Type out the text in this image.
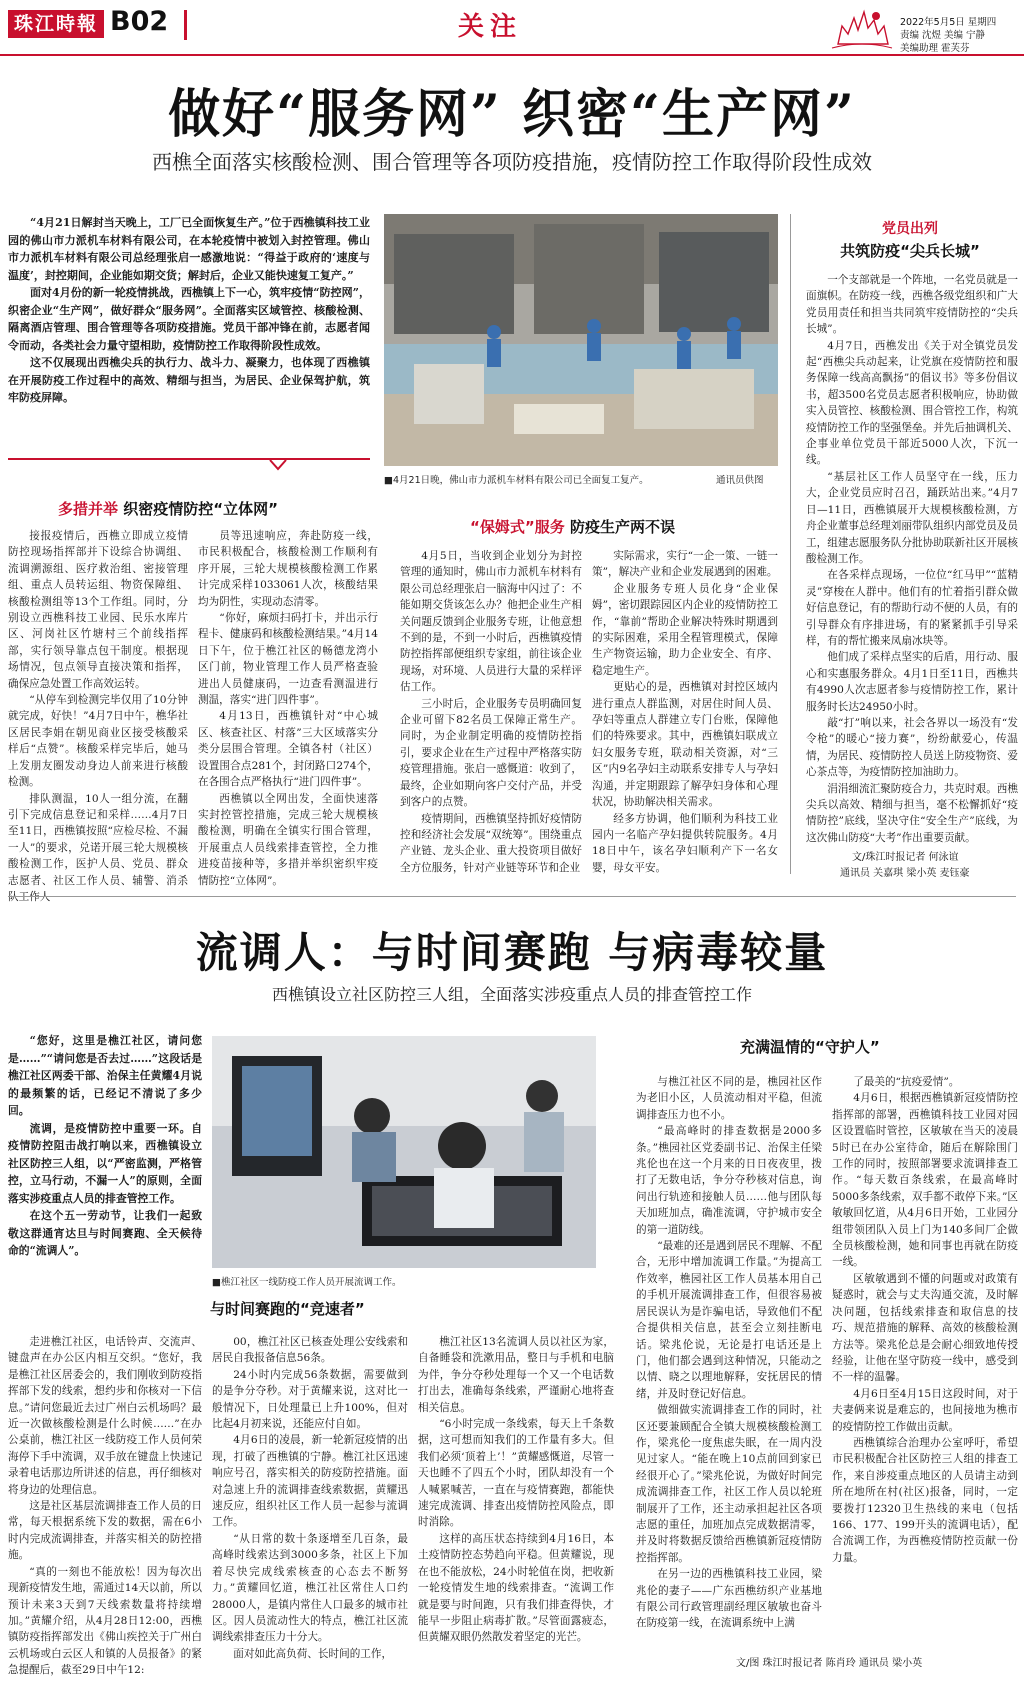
珠江時報 B02	关注	2022年5月5日 星期四
责编 沈煜 美编 宁静
美编助理 霍芙芬
做好“服务网” 织密“生产网”
西樵全面落实核酸检测、围合管理等各项防疫措施，疫情防控工作取得阶段性成效

“4月21日解封当天晚上，工厂已全面恢复生产。”位于西樵镇科技工业园的佛山市力派机车材料有限公司，在本轮疫情中被划入封控管理。佛山市力派机车材料有限公司总经理张启一感激地说：“得益于政府的‘速度与温度’，封控期间，企业能如期交货；解封后，企业又能快速复工复产。”

面对4月份的新一轮疫情挑战，西樵镇上下一心，筑牢疫情“防控网”，织密企业“生产网”，做好群众“服务网”。全面落实区域管控、核酸检测、隔离酒店管理、围合管理等各项防疫措施。党员干部冲锋在前，志愿者闻令而动，各类社会力量守望相助，疫情防控工作取得阶段性成效。

这不仅展现出西樵尖兵的执行力、战斗力、凝聚力，也体现了西樵镇在开展防疫工作过程中的高效、精细与担当，为居民、企业保驾护航，筑牢防疫屏障。

■4月21日晚，佛山市力派机车材料有限公司已全面复工复产。	通讯员供图
多措并举 织密疫情防控“立体网”

接报疫情后，西樵立即成立疫情防控现场指挥部并下设综合协调组、流调溯源组、医疗救治组、密接管理组、重点人员转运组、物资保障组、核酸检测组等13个工作组。同时，分别设立西樵科技工业园、民乐水库片区、河岗社区竹塘村三个前线指挥部，实行领导靠点包干制度。根据现场情况，包点领导直接决策和指挥，确保应急处置工作高效运转。

“从停车到检测完毕仅用了10分钟就完成，好快！”4月7日中午，樵华社区居民李娟在朝见商业区接受核酸采样后“点赞”。核酸采样完毕后，她马上发朋友圈发动身边人前来进行核酸检测。

排队测温，10人一组分流，在翻引下完成信息登记和采样……4月7日至11日，西樵镇按照“应检尽检、不漏一人”的要求，兑诺开展三轮大规模核酸检测工作，医护人员、党员、群众志愿者、社区工作人员、辅警、消杀

员等迅速响应，奔赴防疫一线，市民积极配合，核酸检测工作顺利有序开展，三轮大规模核酸检测工作累计完成采样1033061人次，核酸结果均为阴性，实现动态清零。

“你好，麻烦扫码打卡，并出示行程卡、健康码和核酸检测结果。”4月14日下午，位于樵江社区的畅德龙湾小区门前，物业管理工作人员严格查验进出人员健康码，一边查看测温进行测温，落实“进门四件事”。

4月13日，西樵镇针对“中心城区、核查社区、村落”三大区域落实分类分层围合管理。全镇各村（社区）设置围合点281个，封闭路口274个，在各围合点严格执行“进门四件事”。

西樵镇以全网出发，全面快速落实封控管控措施，完成三轮大规模核酸检测，明确在全镇实行围合管理，开展重点人员线索排查管控，全力推进疫苗接种等，多措并举织密织牢疫情防控“立体网”。

“保姆式”服务 防疫生产两不误

4月5日，当收到企业划分为封控管理的通知时，佛山市力派机车材料有限公司总经理张启一脑海中闪过了：不能如期交货该怎么办？他把企业生产相关问题反馈到企业服务专班，让他意想不到的是，不到一小时后，西樵镇疫情防控指挥部便组织专家组，前往该企业现场，对环境、人员进行大量的采样评估工作。

三小时后，企业服务专员明确回复企业可留下82名员工保障正常生产。同时，为企业制定明确的疫情防控指引，要求企业在生产过程中严格落实防疫管理措施。张启一感慨道：收到了，最终，企业如期向客户交付产品，并受到客户的点赞。

疫情期间，西樵镇坚持抓好疫情防控和经济社会发展“双统筹”。围绕重点产业链、龙头企业、重大投资项目做好全方位服务，针对产业链等环节和企业

实际需求，实行“一企一策、一链一策”，解决产业和企业发展遇到的困难。

企业服务专班人员化身“企业保姆”，密切跟踪园区内企业的疫情防控工作，“靠前”帮助企业解决特殊时期遇到的实际困难，采用全程管理模式，保障生产物资运输，助力企业安全、有序、稳定地生产。

更贴心的是，西樵镇对封控区域内进行重点人群监测，对居住时间人员、孕妇等重点人群建立专门台账，保障他们的特殊要求。其中，西樵镇妇联成立妇女服务专班，联动相关资源，对“三区”内9名孕妇主动联系安排专人与孕妇沟通，并定期跟踪了解孕妇身体和心理状况，协助解决相关需求。

经多方协调，他们顺利为科技工业园内一名临产孕妇提供转院服务。4月18日中午，该名孕妇顺利产下一名女婴，母女平安。

党员出列
共筑防疫“尖兵长城”

一个支部就是一个阵地，一名党员就是一面旗帜。在防疫一线，西樵各级党组织和广大党员用责任和担当共同筑牢疫情防控的“尖兵长城”。

4月7日，西樵发出《关于对全镇党员发起“西樵尖兵动起来，让党旗在疫情防控和服务保障一线高高飘扬”的倡议书》等多份倡议书，超3500名党员志愿者积极响应，协助做实入员管控、核酸检测、围合管控工作，构筑疫情防控工作的坚强堡垒。并先后抽调机关、企事业单位党员干部近5000人次，下沉一线。

“基层社区工作人员坚守在一线，压力大，企业党员应时召召，踊跃站出来。”4月7日—11日，西樵镇展开大规模核酸检测，方舟企业董事总经理刘丽带队组织内部党员及员工，组建志愿服务队分批协助联新社区开展核酸检测工作。

在各采样点现场，一位位“红马甲”“蓝精灵”穿梭在人群中。他们有的忙着指引群众做好信息登记，有的帮助行动不便的人员，有的引导群众有序排进场，有的紧紧抓手引导采样，有的帮忙搬来凤扇冰块等。

他们成了采样点坚实的后盾，用行动、服心和实惠服务群众。4月1日至11日，西樵共有4990人次志愿者参与疫情防控工作，累计服务时长达24950小时。

敲“打”响以来，社会各界以一场没有“发令枪”的暖心“接力赛”，纷纷献爱心，传温情，为居民、疫情防控人员送上防疫物资、爱心茶点等，为疫情防控加油助力。

涓涓细流汇聚防疫合力，共克时艰。西樵尖兵以高效、精细与担当，毫不松懈抓好“疫情防控”底线，坚决守住“安全生产”底线，为这次佛山防疫“大考”作出重要贡献。

文/珠江时报记者 何泳谊
通讯员 关嘉琪 梁小英 麦钰豪
流调人：与时间赛跑 与病毒较量
西樵镇设立社区防控三人组，全面落实涉疫重点人员的排查管控工作

“您好，这里是樵江社区，请问您是……”“请问您是否去过……”这段话是樵江社区两委干部、治保主任黄耀4月说的最频繁的话，已经记不清说了多少回。

流调，是疫情防控中重要一环。自疫情防控阻击战打响以来，西樵镇设立社区防控三人组，以“严密监测，严格管控，立马行动，不漏一人”的原则，全面落实涉疫重点人员的排查管控工作。

在这个五一劳动节，让我们一起致敬这群通宵达旦与时间赛跑、全天候待命的“流调人”。

■樵江社区一线防疫工作人员开展流调工作。
充满温情的“守护人”

与樵江社区不同的是，樵园社区作为老旧小区，人员流动相对平稳，但流调排查压力也不小。

“最高峰时的排查数据是2000多条。”樵园社区党委副书记、治保主任梁兆伦也在这一个月来的日日夜夜里，拨打了无数电话，争分夺秒核对信息，询问出行轨迹和接触人员……他与团队每天加班加点，确准流调，守护城市安全的第一道防线。

“最难的还是遇到居民不理解、不配合，无形中增加流调工作量。”为提高工作效率，樵园社区工作人员基本用自己的手机开展流调排查工作，但很容易被居民误认为是诈骗电话，导致他们不配合提供相关信息，甚至会立刻挂断电话。梁兆伦说，无论是打电话还是上门，他们都会遇到这种情况，只能动之以情、晓之以理地解释，安抚居民的情绪，并及时登记好信息。

做细做实流调排查工作的同时，社区还要兼顾配合全镇大规模核酸检测工作，梁兆伦一度焦虑失眠，在一周内没见过家人。“能在晚上10点前回到家已经很开心了。”梁兆伦说，为做好时间完成流调排查工作，社区工作人员以轮班制展开了工作，还主动承担起社区各项志愿的重任，加班加点完成数据清零，并及时将数据反馈给西樵镇新冠疫情防控指挥部。

在另一边的西樵镇科技工业园，梁兆伦的妻子——广东西樵纺织产业基地有限公司行政管理副经理区敏敏也奋斗在防疫第一线，在流调系统中上满

了最美的“抗疫爱情”。

4月6日，根据西樵镇新冠疫情防控指挥部的部署，西樵镇科技工业园对园区设置临时管控，区敏敏在当天的凌晨5时已在办公室待命，随后在解除围门工作的同时，按照部署要求流调排查工作。“每天数百条线索，在最高峰时5000多条线索，双手都不敢停下来。”区敏敏回忆道，从4月6日开始，工业园分组带领团队入员上门为140多间厂企做全员核酸检测，她和同事也再就在防疫一线。

区敏敏遇到不懂的问题或对政策有疑惑时，就会与丈夫沟通交流，及时解决问题，包括线索排查和取信息的技巧、规范措施的解释、高效的核酸检测方法等。梁兆伦总是会耐心细致地传授经验，让他在坚守防疫一线中，感受到不一样的温馨。

4月6日至4月15日这段时间，对于夫妻俩来说是难忘的，也间接地为樵市的疫情防控工作做出贡献。

西樵镇综合治理办公室呼吁，希望市民积极配合社区防控三人组的排查工作，来自涉疫重点地区的人员请主动到所在地所在村(社区)报备，同时，一定要拨打12320卫生热线的来电（包括166、177、199开头的流调电话），配合流调工作，为西樵疫情防控贡献一份力量。

与时间赛跑的“竞速者”

走进樵江社区，电话铃声、交流声、键盘声在办公区内相互交织。“您好，我是樵江社区居委会的，我们刚收到防疫指挥部下发的线索，想约步和你核对一下信息。”请问您最近去过广州白云机场吗？最近一次做核酸检测是什么时候……”在办公桌前，樵江社区一线防疫工作人员何荣海停下手中流调，双手放在键盘上快速记录着电话那边所讲述的信息，再仔细核对将身边的处理信息。

这是社区基层流调排查工作人员的日常，每天根据系统下发的数据，需在6小时内完成流调排查，并落实相关的防控措施。

“真的一刻也不能放松！因为每次出现新疫情发生地，需通过14天以前，所以预计未来3天到7天线索数量将持续增加。”黄耀介绍，从4月28日12:00，西樵镇防疫指挥部发出《佛山疾控关于广州白云机场或白云区人和镇的人员报备》的紧急提醒后，截至29日中午12:

00，樵江社区已核查处理公安线索和居民自我报备信息56条。

24小时内完成56条数据，需要做到的是争分夺秒。对于黄耀来说，这对比一般情况下，日处理量已上升100%，但对比起4月初来说，还能应付自如。

4月6日的凌晨，新一轮新冠疫情的出现，打破了西樵镇的宁静。樵江社区迅速响应号召，落实相关的防疫防控措施。面对急速上升的流调排查线索数据，黄耀迅速反应，组织社区工作人员一起参与流调工作。

“从日常的数十条逐增至几百条，最高峰时线索达到3000多条，社区上下加着尽快完成线索核查的心态去不断努力。”黄耀回忆道，樵江社区常住人口约28000人，是镇内常住人口最多的城市社区。因人员流动性大的特点，樵江社区流调线索排查压力十分大。

面对如此高负荷、长时间的工作，

樵江社区13名流调人员以社区为家，自备睡袋和洗漱用品，整日与手机和电脑为伴，争分夺秒处理每一个又一个电话数打出去，准确每条线索，严谨耐心地将查相关信息。

“6小时完成一条线索，每天上千条数据，这可想而知我们的工作量有多大。但我们必须‘顶着上’！”黄耀感慨道，尽管一天也睡不了四五个小时，团队却没有一个人喊累喊苦，一直在与疫情赛跑，都能快速完成流调、排查出疫情防控风险点，即时消除。

这样的高压状态持续到4月16日，本土疫情防控态势趋向平稳。但黄耀说，现在也不能放松，24小时轮值在岗，把收新一轮疫情发生地的线索排查。“流调工作就是要与时间跑，只有我们排查得快，才能早一步阻止病毒扩散。”尽管面露疲态，但黄耀双眼仍然散发着坚定的光芒。

文/图 珠江时报记者 陈肖玲 通讯员 梁小英
